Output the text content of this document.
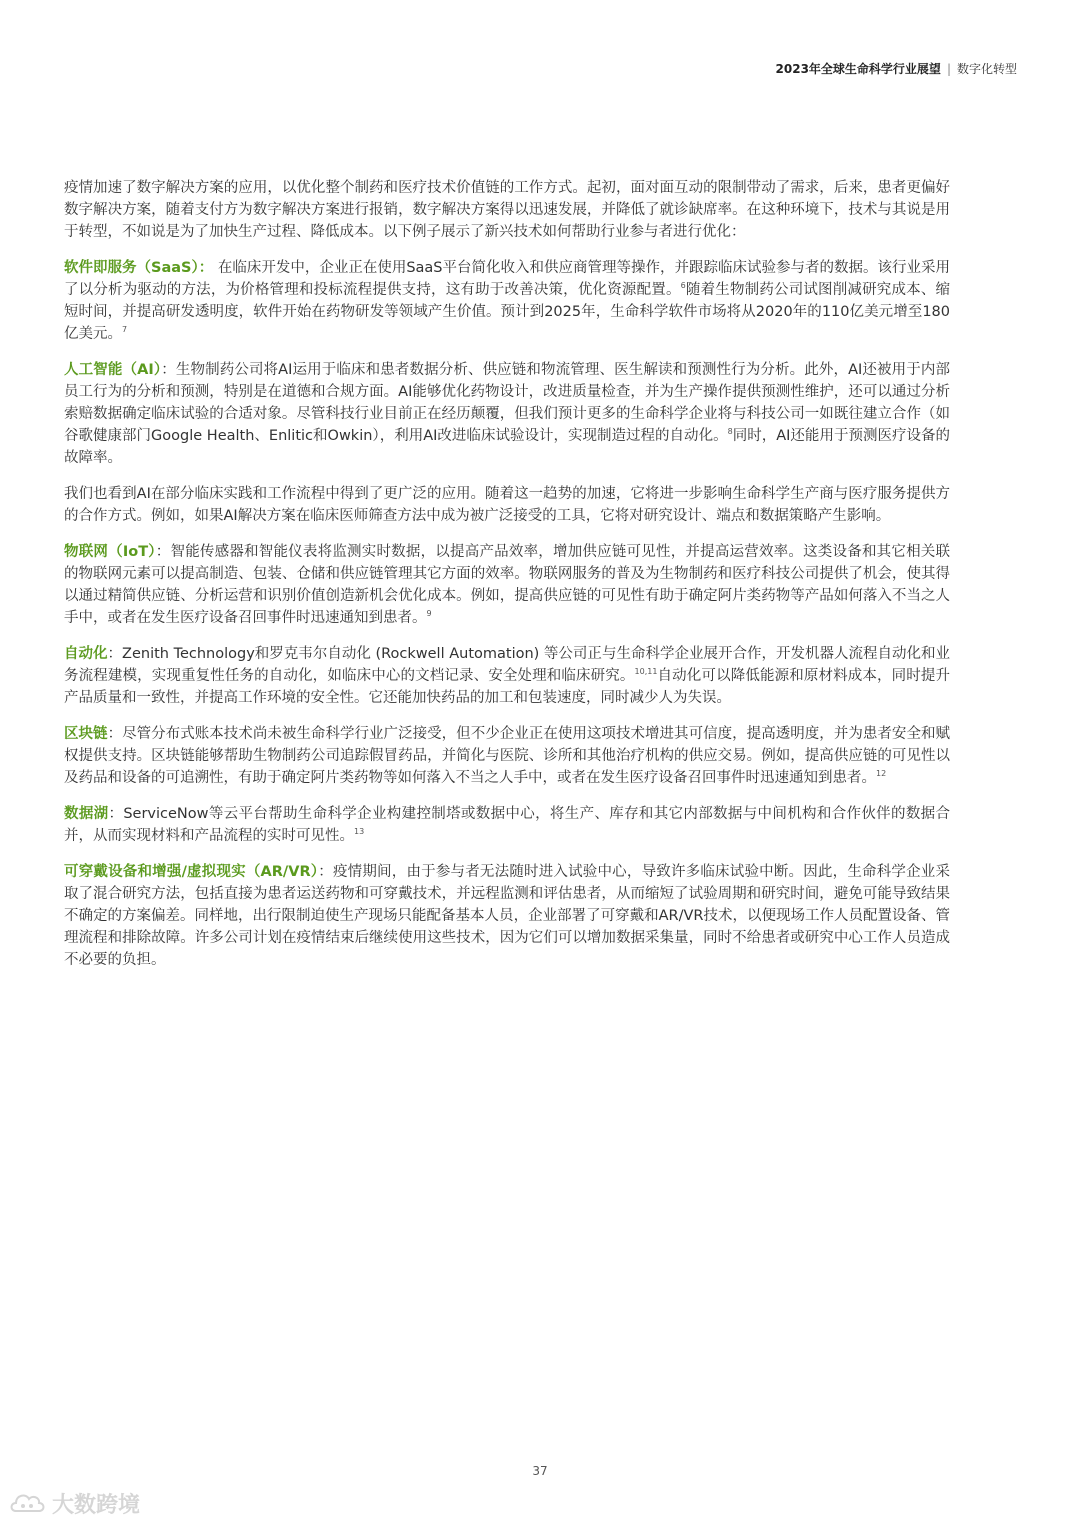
2023年全球生命科学行业展望 | 数字化转型

疫情加速了数字解决方案的应用，以优化整个制药和医疗技术价值链的工作方式。起初，面对面互动的限制带动了需求，后来，患者更偏好数字解决方案，随着支付方为数字解决方案进行报销，数字解决方案得以迅速发展，并降低了就诊缺席率。在这种环境下，技术与其说是用于转型，不如说是为了加快生产过程、降低成本。以下例子展示了新兴技术如何帮助行业参与者进行优化：

软件即服务（SaaS）： 在临床开发中，企业正在使用SaaS平台简化收入和供应商管理等操作，并跟踪临床试验参与者的数据。该行业采用了以分析为驱动的方法，为价格管理和投标流程提供支持，这有助于改善决策，优化资源配置。$^6$随着生物制药公司试图削减研究成本、缩短时间，并提高研发透明度，软件开始在药物研发等领域产生价值。预计到2025年，生命科学软件市场将从2020年的110亿美元增至180亿美元。$^7$

人工智能（AI）：生物制药公司将AI运用于临床和患者数据分析、供应链和物流管理、医生解读和预测性行为分析。此外，AI还被用于内部员工行为的分析和预测，特别是在道德和合规方面。AI能够优化药物设计，改进质量检查，并为生产操作提供预测性维护，还可以通过分析索赔数据确定临床试验的合适对象。尽管科技行业目前正在经历颠覆，但我们预计更多的生命科学企业将与科技公司一如既往建立合作（如谷歌健康部门Google Health、Enlitic和Owkin），利用AI改进临床试验设计，实现制造过程的自动化。$^8$同时，AI还能用于预测医疗设备的故障率。

我们也看到AI在部分临床实践和工作流程中得到了更广泛的应用。随着这一趋势的加速，它将进一步影响生命科学生产商与医疗服务提供方的合作方式。例如，如果AI解决方案在临床医师筛查方法中成为被广泛接受的工具，它将对研究设计、端点和数据策略产生影响。

物联网（IoT）：智能传感器和智能仪表将监测实时数据，以提高产品效率，增加供应链可见性，并提高运营效率。这类设备和其它相关联的物联网元素可以提高制造、包装、仓储和供应链管理其它方面的效率。物联网服务的普及为生物制药和医疗科技公司提供了机会，使其得以通过精简供应链、分析运营和识别价值创造新机会优化成本。例如，提高供应链的可见性有助于确定阿片类药物等产品如何落入不当之人手中，或者在发生医疗设备召回事件时迅速通知到患者。$^9$

自动化：Zenith Technology和罗克韦尔自动化 (Rockwell Automation) 等公司正与生命科学企业展开合作，开发机器人流程自动化和业务流程建模，实现重复性任务的自动化，如临床中心的文档记录、安全处理和临床研究。$^{10,11}$自动化可以降低能源和原材料成本，同时提升产品质量和一致性，并提高工作环境的安全性。它还能加快药品的加工和包装速度，同时减少人为失误。

区块链：尽管分布式账本技术尚未被生命科学行业广泛接受，但不少企业正在使用这项技术增进其可信度，提高透明度，并为患者安全和赋权提供支持。区块链能够帮助生物制药公司追踪假冒药品，并简化与医院、诊所和其他治疗机构的供应交易。例如，提高供应链的可见性以及药品和设备的可追溯性，有助于确定阿片类药物等如何落入不当之人手中，或者在发生医疗设备召回事件时迅速通知到患者。$^{12}$

数据湖：ServiceNow等云平台帮助生命科学企业构建控制塔或数据中心，将生产、库存和其它内部数据与中间机构和合作伙伴的数据合并，从而实现材料和产品流程的实时可见性。$^{13}$

可穿戴设备和增强/虚拟现实（AR/VR）：疫情期间，由于参与者无法随时进入试验中心，导致许多临床试验中断。因此，生命科学企业采取了混合研究方法，包括直接为患者运送药物和可穿戴技术，并远程监测和评估患者，从而缩短了试验周期和研究时间，避免可能导致结果不确定的方案偏差。同样地，出行限制迫使生产现场只能配备基本人员，企业部署了可穿戴和AR/VR技术，以便现场工作人员配置设备、管理流程和排除故障。许多公司计划在疫情结束后继续使用这些技术，因为它们可以增加数据采集量，同时不给患者或研究中心工作人员造成不必要的负担。

37
大数跨境
